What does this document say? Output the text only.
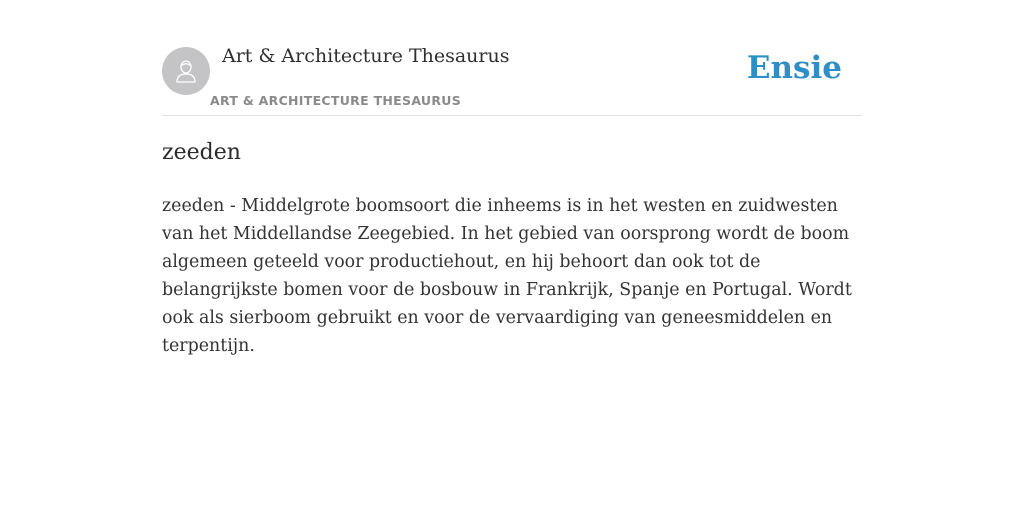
Art & Architecture Thesaurus
ART & ARCHITECTURE THESAURUS
Ensie
zeeden

zeeden - Middelgrote boomsoort die inheems is in het westen en zuidwesten van het Middellandse Zeegebied. In het gebied van oorsprong wordt de boom algemeen geteeld voor productiehout, en hij behoort dan ook tot de belangrijkste bomen voor de bosbouw in Frankrijk, Spanje en Portugal. Wordt ook als sierboom gebruikt en voor de vervaardiging van geneesmiddelen en terpentijn.
